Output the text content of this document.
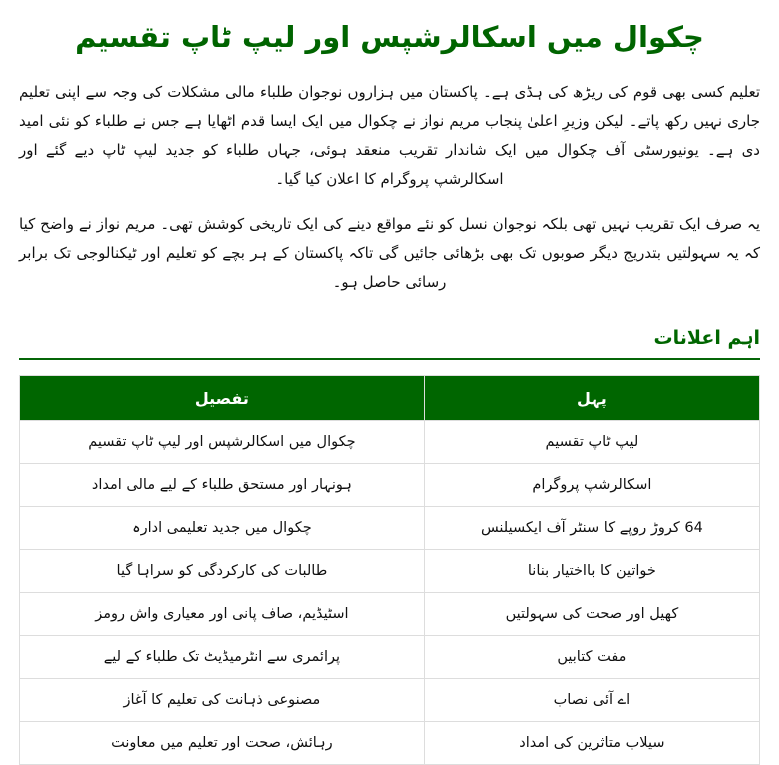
چکوال میں اسکالرشپس اور لیپ ٹاپ تقسیم

تعلیم کسی بھی قوم کی ریڑھ کی ہڈی ہے۔ پاکستان میں ہزاروں نوجوان طلباء مالی مشکلات کی وجہ سے اپنی تعلیم جاری نہیں رکھ پاتے۔ لیکن وزیرِ اعلیٰ پنجاب مریم نواز نے چکوال میں ایک ایسا قدم اٹھایا ہے جس نے طلباء کو نئی امید دی ہے۔ یونیورسٹی آف چکوال میں ایک شاندار تقریب منعقد ہوئی، جہاں طلباء کو جدید لیپ ٹاپ دیے گئے اور اسکالرشپ پروگرام کا اعلان کیا گیا۔

یہ صرف ایک تقریب نہیں تھی بلکہ نوجوان نسل کو نئے مواقع دینے کی ایک تاریخی کوشش تھی۔ مریم نواز نے واضح کیا کہ یہ سہولتیں بتدریج دیگر صوبوں تک بھی بڑھائی جائیں گی تاکہ پاکستان کے ہر بچے کو تعلیم اور ٹیکنالوجی تک برابر رسائی حاصل ہو۔

اہم اعلانات
پہل	تفصیل
لیپ ٹاپ تقسیم	چکوال میں اسکالرشپس اور لیپ ٹاپ تقسیم
اسکالرشپ پروگرام	ہونہار اور مستحق طلباء کے لیے مالی امداد
64 کروڑ روپے کا سنٹر آف ایکسیلنس	چکوال میں جدید تعلیمی ادارہ
خواتین کا بااختیار بنانا	طالبات کی کارکردگی کو سراہا گیا
کھیل اور صحت کی سہولتیں	اسٹیڈیم، صاف پانی اور معیاری واش رومز
مفت کتابیں	پرائمری سے انٹرمیڈیٹ تک طلباء کے لیے
اے آئی نصاب	مصنوعی ذہانت کی تعلیم کا آغاز
سیلاب متاثرین کی امداد	رہائش، صحت اور تعلیم میں معاونت
